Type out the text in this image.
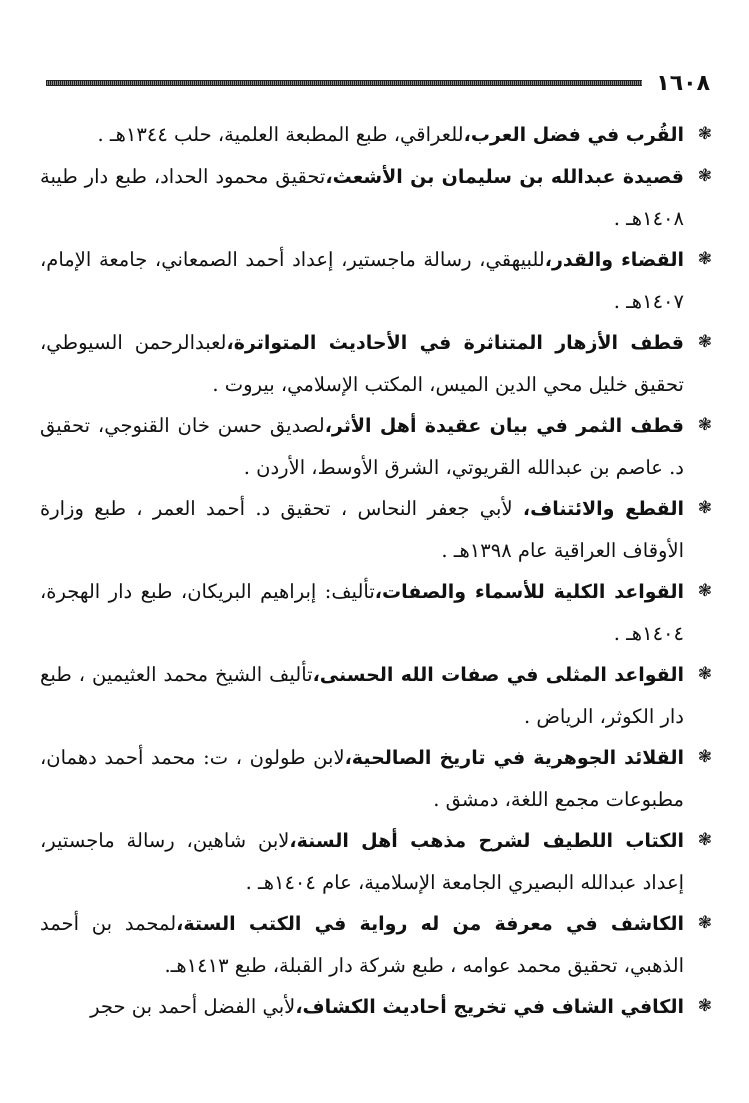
١٦٠٨

❃
القُرب في فضل العرب،للعراقي، طبع المطبعة العلمية، حلب ١٣٤٤هـ .

❃
قصيدة عبدالله بن سليمان بن الأشعث،تحقيق محمود الحداد، طبع دار طيبة ١٤٠٨هـ .

❃
القضاء والقدر،للبيهقي، رسالة ماجستير، إعداد أحمد الصمعاني، جامعة الإمام، ١٤٠٧هـ .

❃
قطف الأزهار المتناثرة في الأحاديث المتواترة،لعبدالرحمن السيوطي، تحقيق خليل محي الدين الميس، المكتب الإسلامي، بيروت .

❃
قطف الثمر في بيان عقيدة أهل الأثر،لصديق حسن خان القنوجي، تحقيق د. عاصم بن عبدالله القريوتي، الشرق الأوسط، الأردن .

❃
القطع والائتناف، لأبي جعفر النحاس ، تحقيق د. أحمد العمر ، طبع وزارة الأوقاف العراقية عام ١٣٩٨هـ .

❃
القواعد الكلية للأسماء والصفات،تأليف: إبراهيم البريكان، طبع دار الهجرة، ١٤٠٤هـ .

❃
القواعد المثلى في صفات الله الحسنى،تأليف الشيخ محمد العثيمين ، طبع دار الكوثر، الرياض .

❃
القلائد الجوهرية في تاريخ الصالحية،لابن طولون ، ت: محمد أحمد دهمان، مطبوعات مجمع اللغة، دمشق .

❃
الكتاب اللطيف لشرح مذهب أهل السنة،لابن شاهين، رسالة ماجستير، إعداد عبدالله البصيري الجامعة الإسلامية، عام ١٤٠٤هـ .

❃
الكاشف في معرفة من له رواية في الكتب الستة،لمحمد بن أحمد الذهبي، تحقيق محمد عوامه ، طبع شركة دار القبلة، طبع ١٤١٣هـ.

❃
الكافي الشاف في تخريج أحاديث الكشاف،لأبي الفضل أحمد بن حجر
